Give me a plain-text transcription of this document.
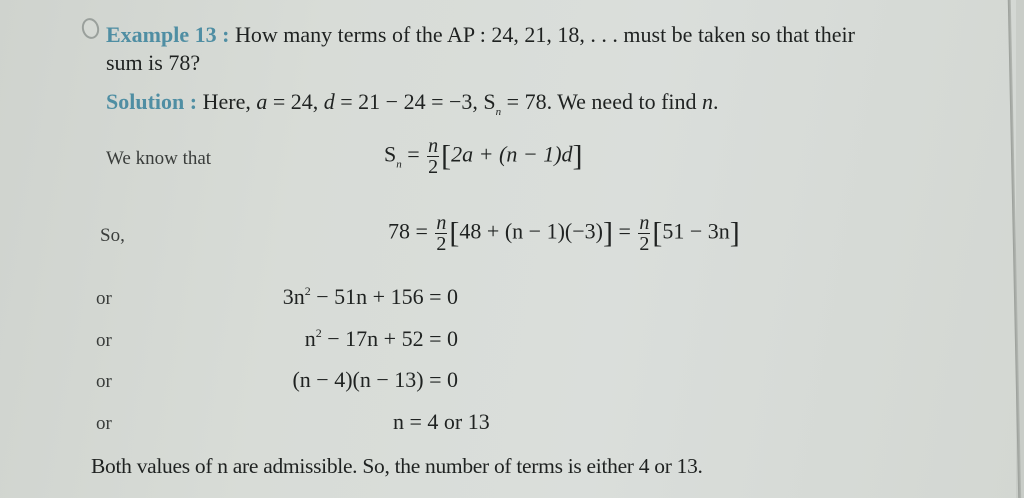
Example 13 : How many terms of the AP : 24, 21, 18, . . . must be taken so that their
sum is 78?
Solution : Here, a = 24, d = 21 − 24 = −3, $S_n = 78$. We need to find n.
We know that	$S_n = \frac{n}{2} [2a + (n - 1)d]$
So,	$78 = \frac{n}{2} [48 + (n - 1)(-3)] = \frac{n}{2} [51 - 3n]$
or	$3n^2 - 51n + 156 = 0$
or	$n^2 - 17n + 52 = 0$
or	(n − 4)(n − 13) = 0
or	n = 4 or 13
Both values of n are admissible. So, the number of terms is either 4 or 13.
